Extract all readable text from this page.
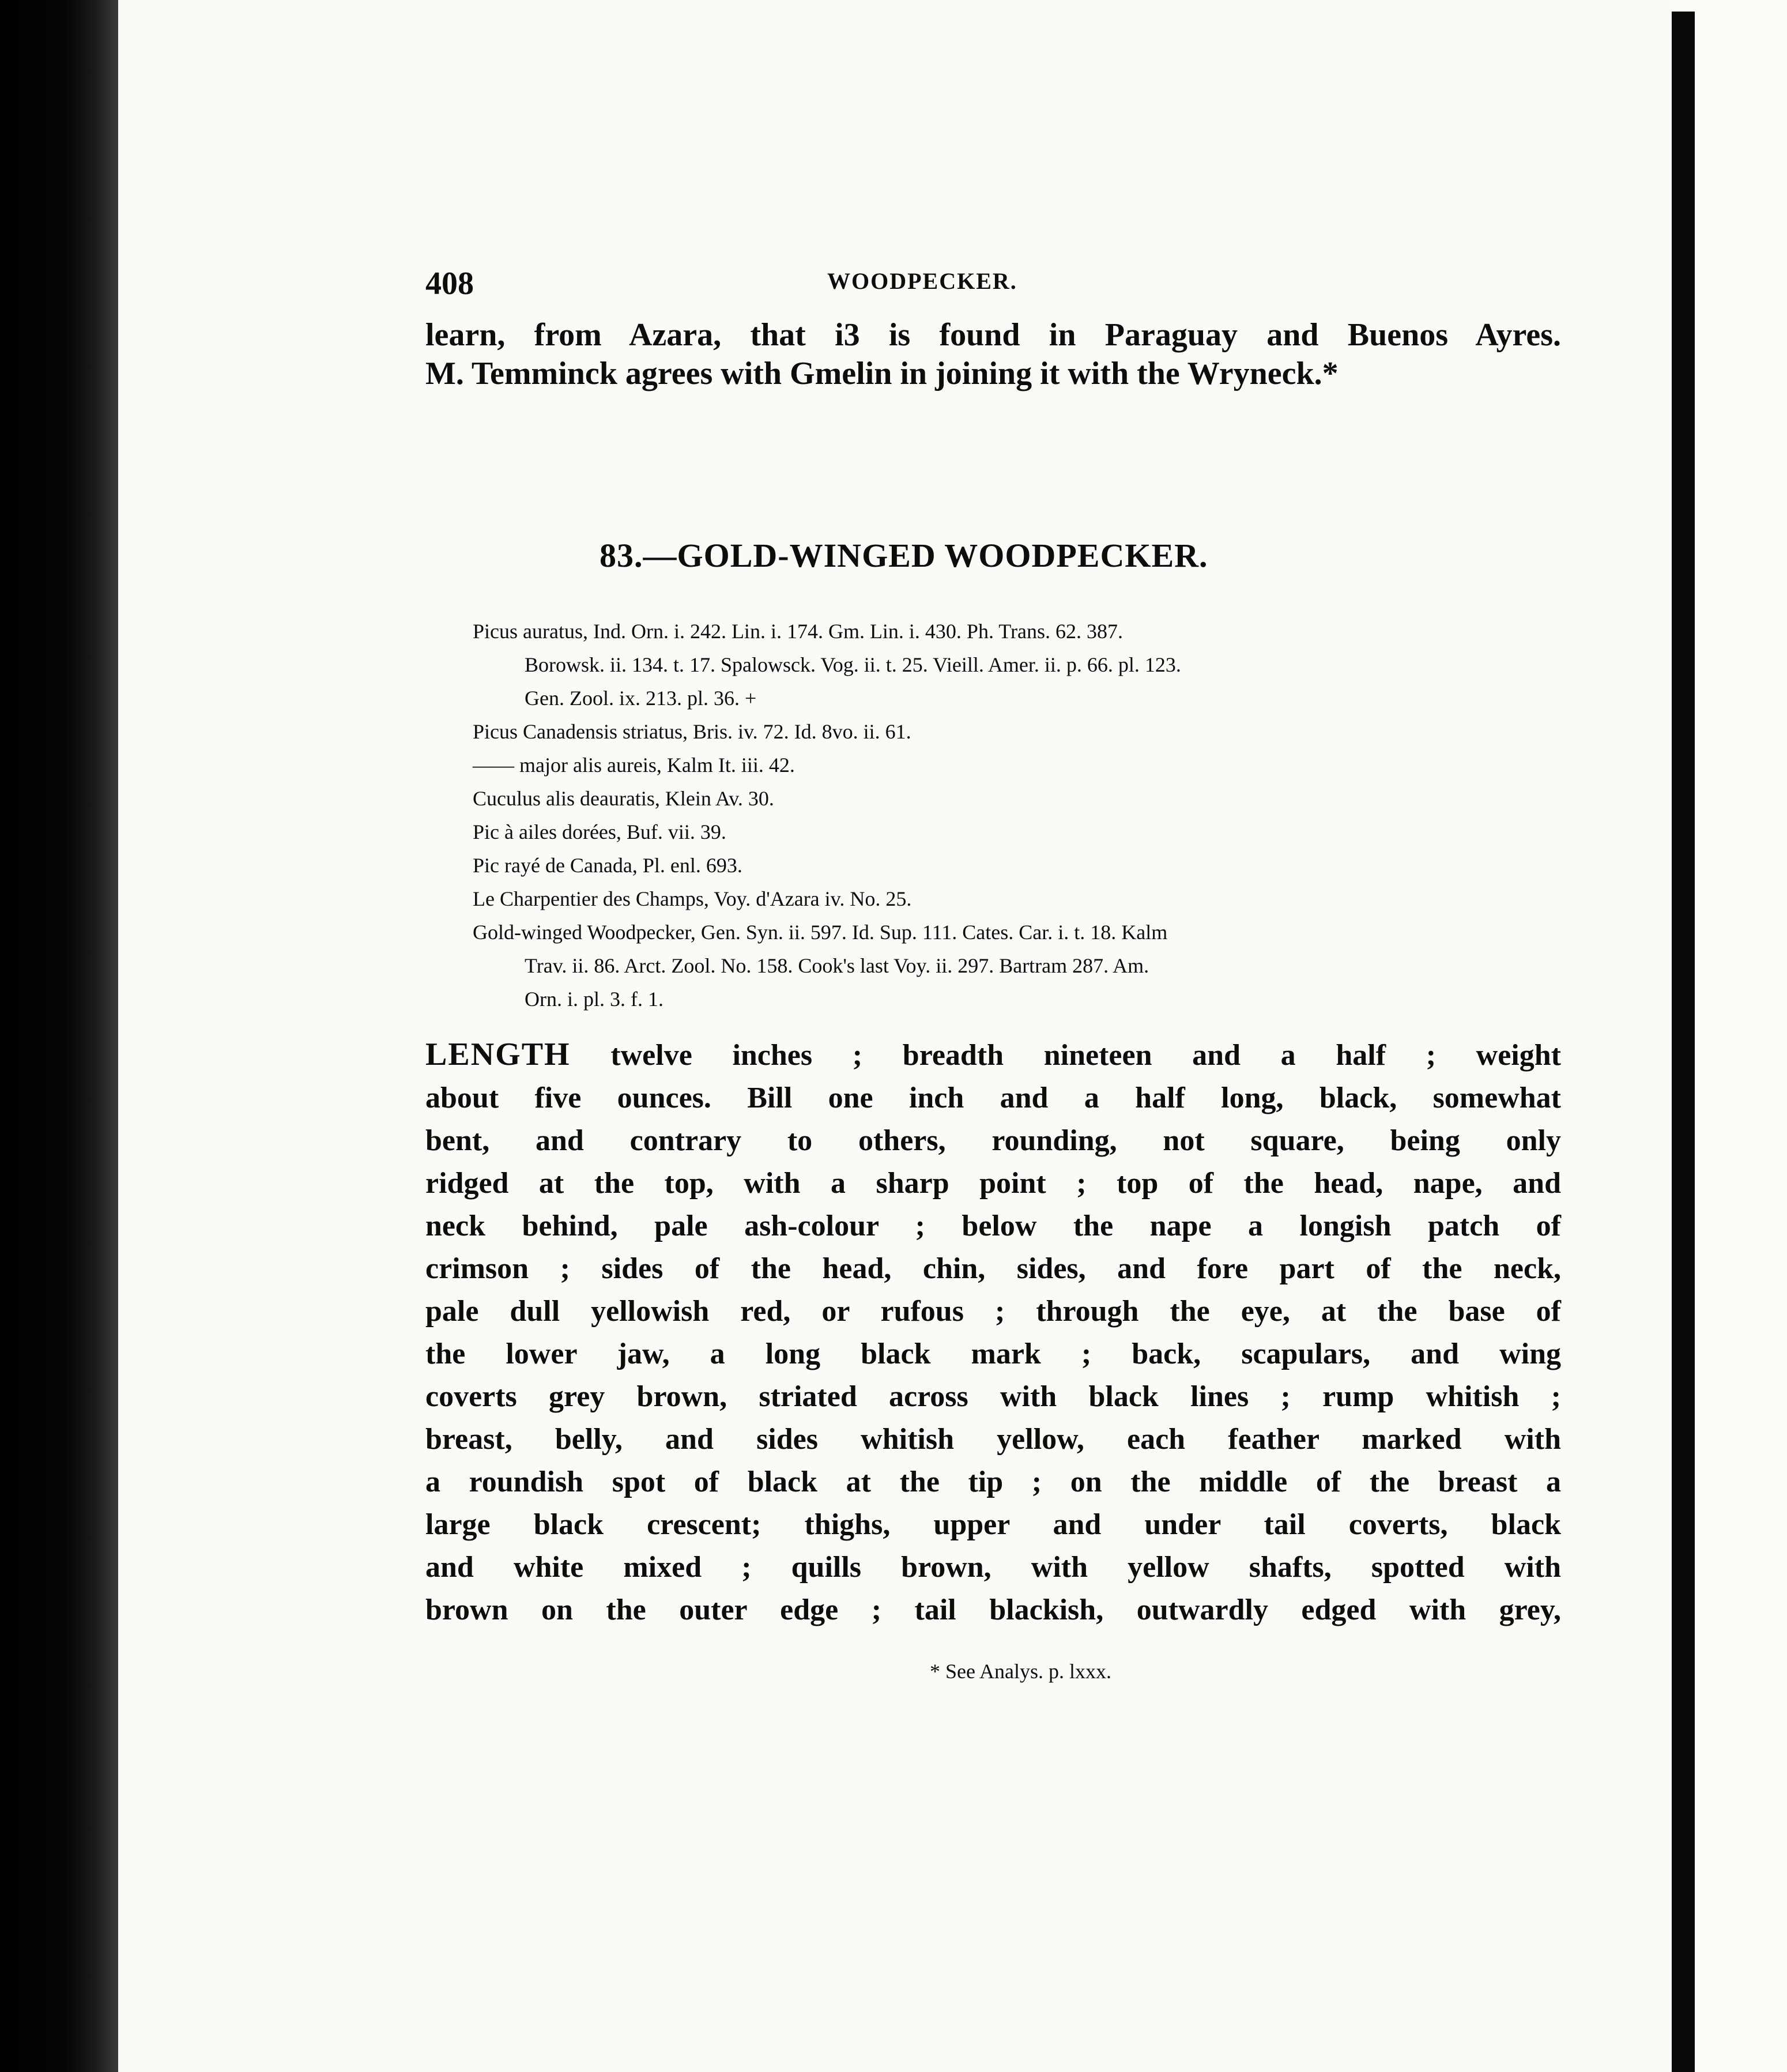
408	WOODPECKER.
learn, from Azara, that i3 is found in Paraguay and Buenos Ayres.
M. Temminck agrees with Gmelin in joining it with the Wryneck.*
83.—GOLD-WINGED WOODPECKER.
Picus auratus, Ind. Orn. i. 242. Lin. i. 174. Gm. Lin. i. 430. Ph. Trans. 62. 387.
Borowsk. ii. 134. t. 17. Spalowsck. Vog. ii. t. 25. Vieill. Amer. ii. p. 66. pl. 123.
Gen. Zool. ix. 213. pl. 36. +
Picus Canadensis striatus, Bris. iv. 72. Id. 8vo. ii. 61.
—— major alis aureis, Kalm It. iii. 42.
Cuculus alis deauratis, Klein Av. 30.
Pic à ailes dorées, Buf. vii. 39.
Pic rayé de Canada, Pl. enl. 693.
Le Charpentier des Champs, Voy. d'Azara iv. No. 25.
Gold-winged Woodpecker, Gen. Syn. ii. 597. Id. Sup. 111. Cates. Car. i. t. 18. Kalm
Trav. ii. 86. Arct. Zool. No. 158. Cook's last Voy. ii. 297. Bartram 287. Am.
Orn. i. pl. 3. f. 1.
LENGTH twelve inches ; breadth nineteen and a half ; weight
about five ounces. Bill one inch and a half long, black, somewhat
bent, and contrary to others, rounding, not square, being only
ridged at the top, with a sharp point ; top of the head, nape, and
neck behind, pale ash-colour ; below the nape a longish patch of
crimson ; sides of the head, chin, sides, and fore part of the neck,
pale dull yellowish red, or rufous ; through the eye, at the base of
the lower jaw, a long black mark ; back, scapulars, and wing
coverts grey brown, striated across with black lines ; rump whitish ;
breast, belly, and sides whitish yellow, each feather marked with
a roundish spot of black at the tip ; on the middle of the breast a
large black crescent; thighs, upper and under tail coverts, black
and white mixed ; quills brown, with yellow shafts, spotted with
brown on the outer edge ; tail blackish, outwardly edged with grey,
* See Analys. p. lxxx.
